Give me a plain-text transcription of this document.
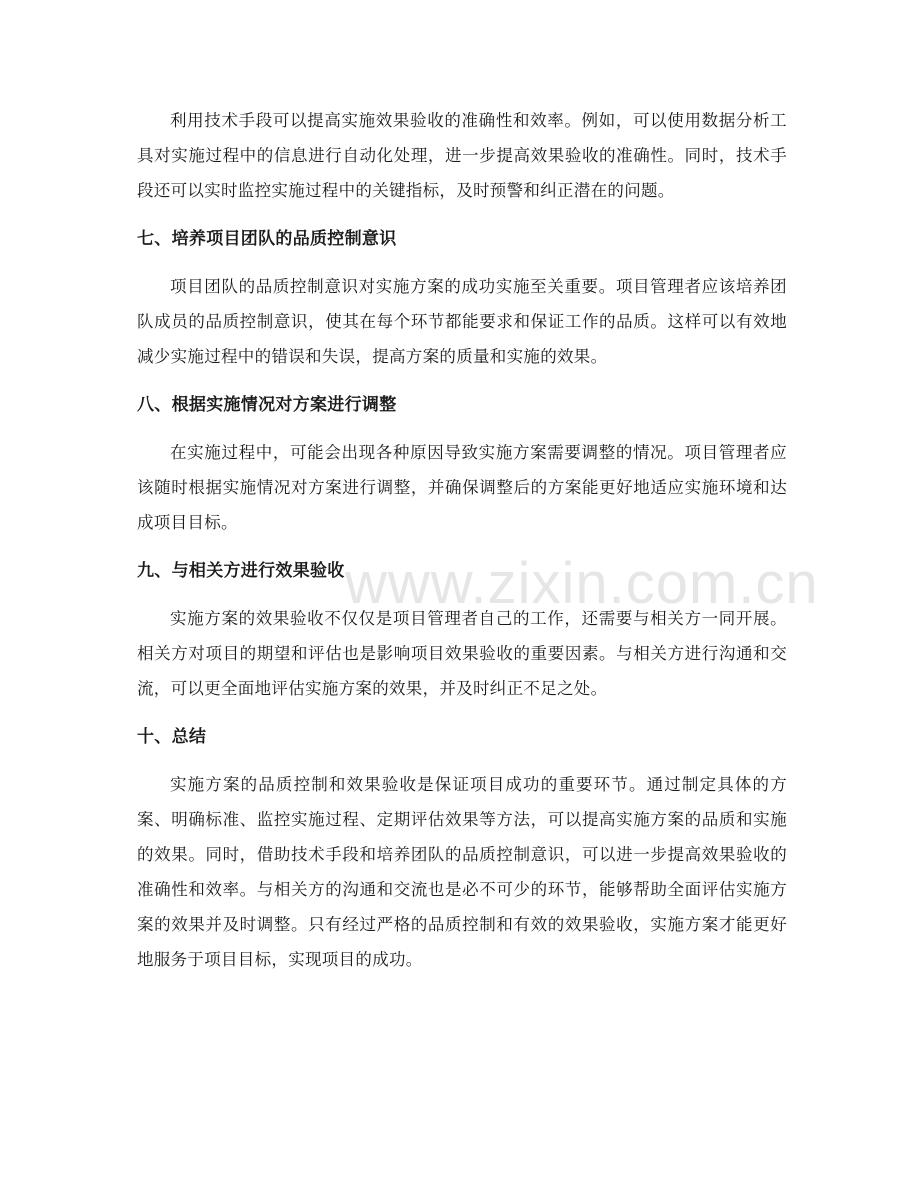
www.zixin.com.cn

利用技术手段可以提高实施效果验收的准确性和效率。例如，可以使用数据分析工具对实施过程中的信息进行自动化处理，进一步提高效果验收的准确性。同时，技术手段还可以实时监控实施过程中的关键指标，及时预警和纠正潜在的问题。

七、培养项目团队的品质控制意识

项目团队的品质控制意识对实施方案的成功实施至关重要。项目管理者应该培养团队成员的品质控制意识，使其在每个环节都能要求和保证工作的品质。这样可以有效地减少实施过程中的错误和失误，提高方案的质量和实施的效果。

八、根据实施情况对方案进行调整

在实施过程中，可能会出现各种原因导致实施方案需要调整的情况。项目管理者应该随时根据实施情况对方案进行调整，并确保调整后的方案能更好地适应实施环境和达成项目目标。

九、与相关方进行效果验收

实施方案的效果验收不仅仅是项目管理者自己的工作，还需要与相关方一同开展。相关方对项目的期望和评估也是影响项目效果验收的重要因素。与相关方进行沟通和交流，可以更全面地评估实施方案的效果，并及时纠正不足之处。

十、总结

实施方案的品质控制和效果验收是保证项目成功的重要环节。通过制定具体的方案、明确标准、监控实施过程、定期评估效果等方法，可以提高实施方案的品质和实施的效果。同时，借助技术手段和培养团队的品质控制意识，可以进一步提高效果验收的准确性和效率。与相关方的沟通和交流也是必不可少的环节，能够帮助全面评估实施方案的效果并及时调整。只有经过严格的品质控制和有效的效果验收，实施方案才能更好地服务于项目目标，实现项目的成功。
